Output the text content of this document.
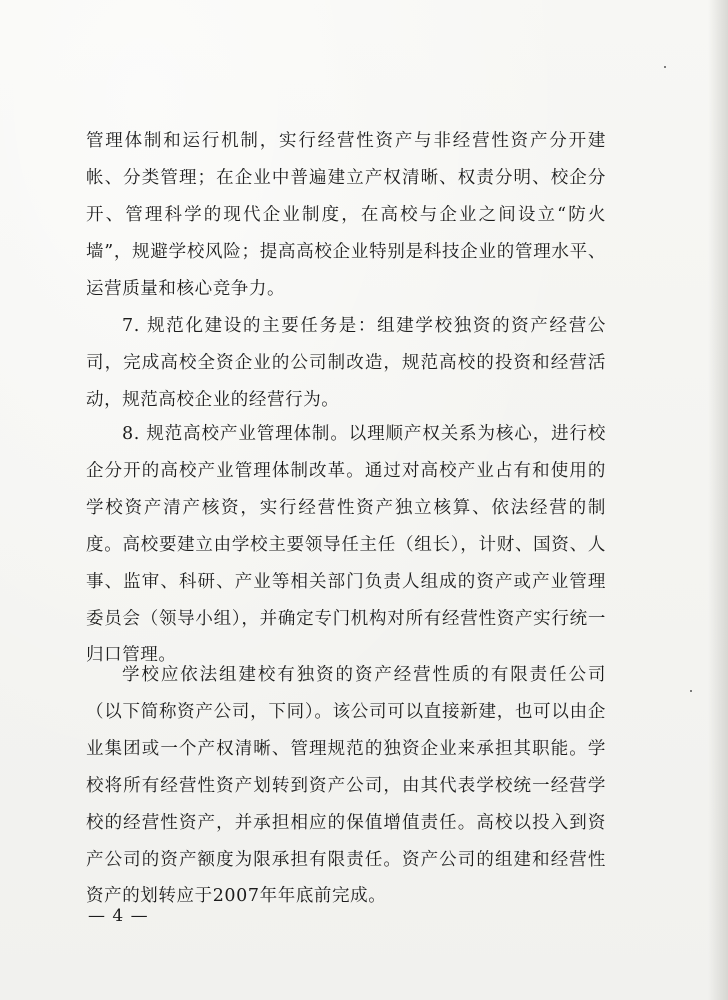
管理体制和运行机制，实行经营性资产与非经营性资产分开建帐、分类管理；在企业中普遍建立产权清晰、权责分明、校企分开、管理科学的现代企业制度，在高校与企业之间设立“防火墙”，规避学校风险；提高高校企业特别是科技企业的管理水平、运营质量和核心竞争力。

7. 规范化建设的主要任务是：组建学校独资的资产经营公司，完成高校全资企业的公司制改造，规范高校的投资和经营活动，规范高校企业的经营行为。

8. 规范高校产业管理体制。以理顺产权关系为核心，进行校企分开的高校产业管理体制改革。通过对高校产业占有和使用的学校资产清产核资，实行经营性资产独立核算、依法经营的制度。高校要建立由学校主要领导任主任（组长），计财、国资、人事、监审、科研、产业等相关部门负责人组成的资产或产业管理委员会（领导小组），并确定专门机构对所有经营性资产实行统一归口管理。

学校应依法组建校有独资的资产经营性质的有限责任公司（以下简称资产公司，下同）。该公司可以直接新建，也可以由企业集团或一个产权清晰、管理规范的独资企业来承担其职能。学校将所有经营性资产划转到资产公司，由其代表学校统一经营学校的经营性资产，并承担相应的保值增值责任。高校以投入到资产公司的资产额度为限承担有限责任。资产公司的组建和经营性资产的划转应于2007年年底前完成。

— 4 —
